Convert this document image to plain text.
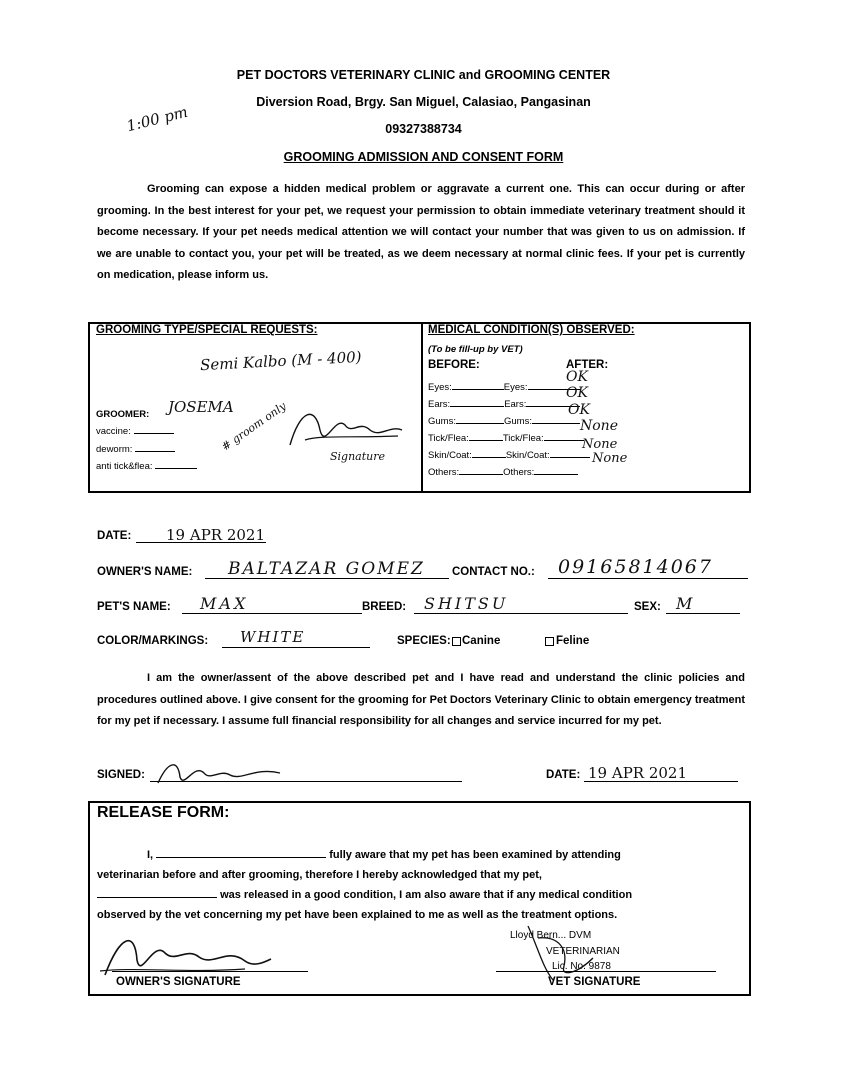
PET DOCTORS VETERINARY CLINIC and GROOMING CENTER
Diversion Road, Brgy. San Miguel, Calasiao, Pangasinan
09327388734
GROOMING ADMISSION AND CONSENT FORM
1:00 pm
Grooming can expose a hidden medical problem or aggravate a current one. This can occur during or after grooming. In the best interest for your pet, we request your permission to obtain immediate veterinary treatment should it become necessary. If your pet needs medical attention we will contact your number that was given to us on admission. If we are unable to contact you, your pet will be treated, as we deem necessary at normal clinic fees. If your pet is currently on medication, please inform us.
GROOMING TYPE/SPECIAL REQUESTS:
Semi Kalbo (M - 400)
GROOMER: JOSEMA
vaccine:
deworm:
anti tick&flea:
# groom only
Signature
MEDICAL CONDITION(S) OBSERVED:
(To be fill-up by VET)
BEFORE:	AFTER:
Eyes:	Eyes:
OK
Ears:	Ears:
OK
Gums:	Gums:
OK
Tick/Flea:	Tick/Flea:
None
Skin/Coat:	Skin/Coat:
None
Others:	Others:
None
DATE: 19 APR 2021
OWNER'S NAME: BALTAZAR GOMEZ CONTACT NO.: 09165814067
PET'S NAME: MAX	BREED: SHITSU	SEX: M
COLOR/MARKINGS: WHITE	SPECIES: Canine	Feline
I am the owner/assent of the above described pet and I have read and understand the clinic policies and procedures outlined above. I give consent for the grooming for Pet Doctors Veterinary Clinic to obtain emergency treatment for my pet if necessary. I assume full financial responsibility for all changes and service incurred for my pet.
SIGNED:	DATE: 19 APR 2021
RELEASE FORM:
I,	fully aware that my pet has been examined by attending
veterinarian before and after grooming, therefore I hereby acknowledged that my pet,
was released in a good condition, I am also aware that if any medical condition
observed by the vet concerning my pet have been explained to me as well as the treatment options.
OWNER'S SIGNATURE
Lloyd Bern... DVM
VETERINARIAN
Lic. No. 9878
VET SIGNATURE
